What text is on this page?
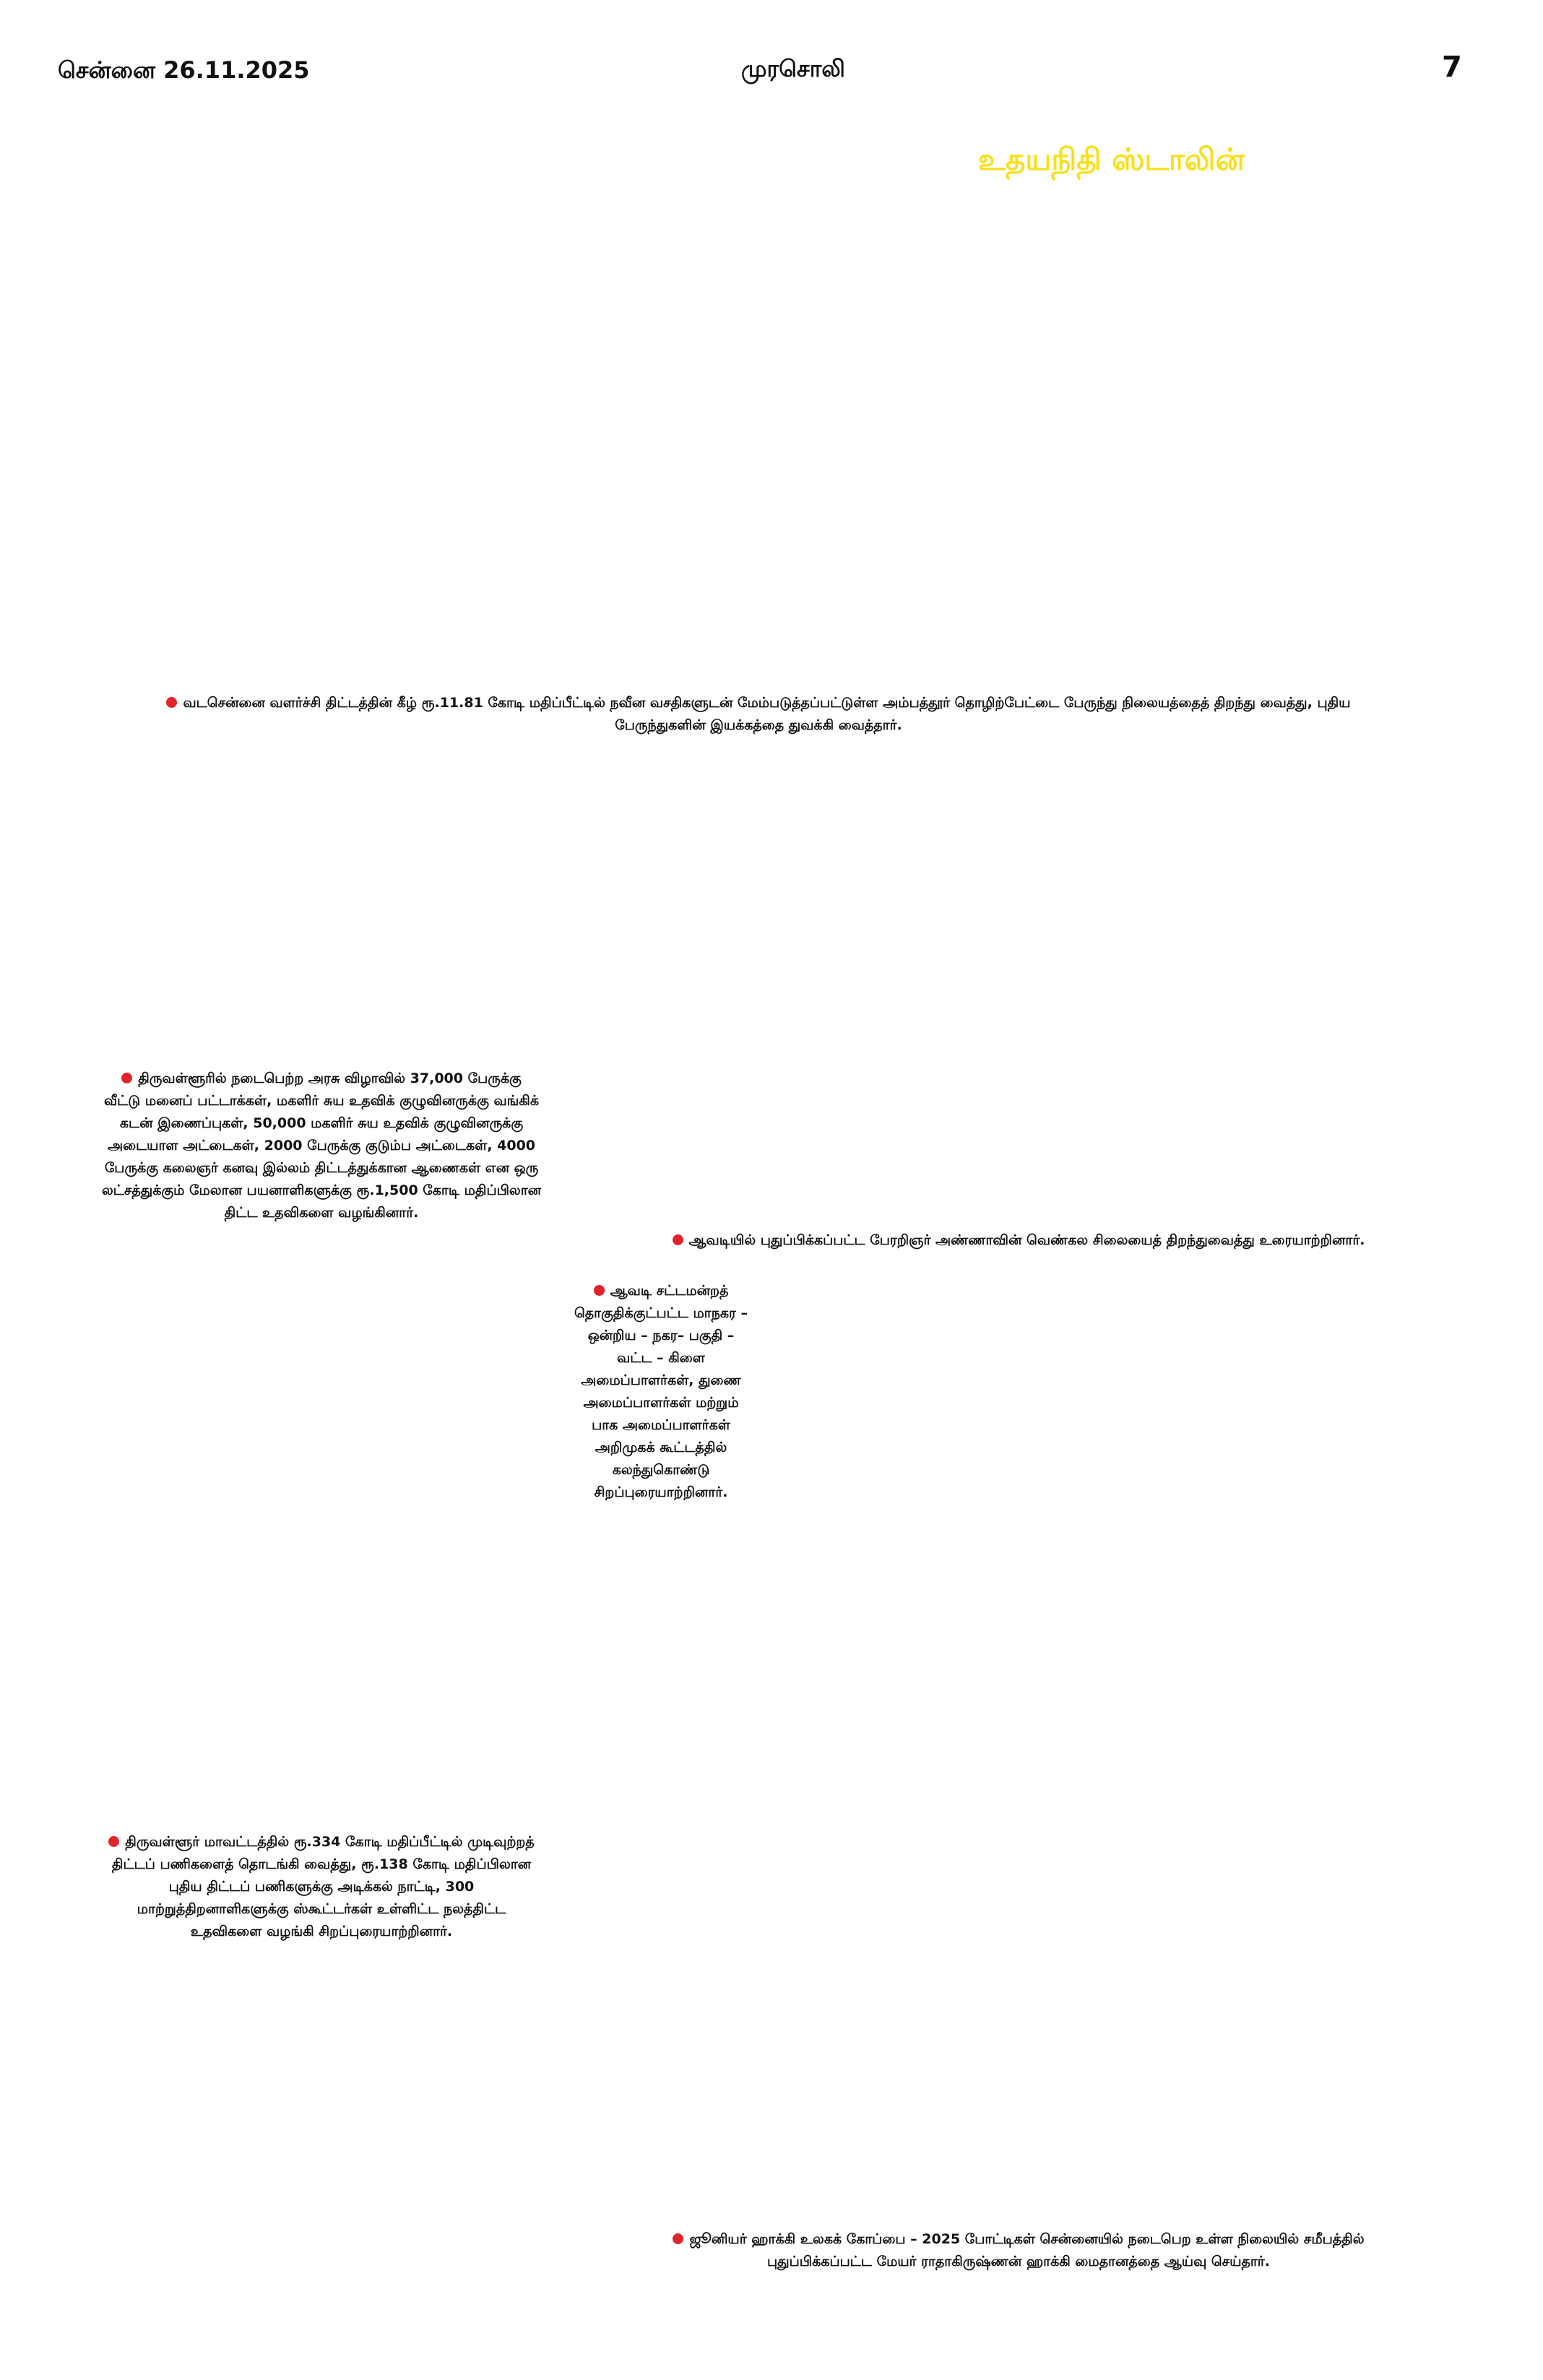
சென்னை 26.11.2025	முரசொலி	7
உதயநிதி ஸ்டாலின்
வடசென்னை வளர்ச்சி திட்டத்தின் கீழ் ரூ.11.81 கோடி மதிப்பீட்டில் நவீன வசதிகளுடன் மேம்படுத்தப்பட்டுள்ள அம்பத்தூர் தொழிற்பேட்டை பேருந்து நிலையத்தைத் திறந்து வைத்து, புதிய பேருந்துகளின் இயக்கத்தை துவக்கி வைத்தார்.
திருவள்ளூரில் நடைபெற்ற அரசு விழாவில் 37,000 பேருக்கு வீட்டு மனைப் பட்டாக்கள், மகளிர் சுய உதவிக் குழுவினருக்கு வங்கிக் கடன் இணைப்புகள், 50,000 மகளிர் சுய உதவிக் குழுவினருக்கு அடையாள அட்டைகள், 2000 பேருக்கு குடும்ப அட்டைகள், 4000 பேருக்கு கலைஞர் கனவு இல்லம் திட்டத்துக்கான ஆணைகள் என ஒரு லட்சத்துக்கும் மேலான பயனாளிகளுக்கு ரூ.1,500 கோடி மதிப்பிலான திட்ட உதவிகளை வழங்கினார்.
ஆவடியில் புதுப்பிக்கப்பட்ட பேரறிஞர் அண்ணாவின் வெண்கல சிலையைத் திறந்துவைத்து உரையாற்றினார்.
ஆவடி சட்டமன்றத் தொகுதிக்குட்பட்ட மாநகர – ஒன்றிய – நகர– பகுதி – வட்ட – கிளை அமைப்பாளர்கள், துணை அமைப்பாளர்கள் மற்றும் பாக அமைப்பாளர்கள் அறிமுகக் கூட்டத்தில் கலந்துகொண்டு சிறப்புரையாற்றினார்.
திருவள்ளூர் மாவட்டத்தில் ரூ.334 கோடி மதிப்பீட்டில் முடிவுற்றத் திட்டப் பணிகளைத் தொடங்கி வைத்து, ரூ.138 கோடி மதிப்பிலான புதிய திட்டப் பணிகளுக்கு அடிக்கல் நாட்டி, 300 மாற்றுத்திறனாளிகளுக்கு ஸ்கூட்டர்கள் உள்ளிட்ட நலத்திட்ட உதவிகளை வழங்கி சிறப்புரையாற்றினார்.
ஜூனியர் ஹாக்கி உலகக் கோப்பை – 2025 போட்டிகள் சென்னையில் நடைபெற உள்ள நிலையில் சமீபத்தில் புதுப்பிக்கப்பட்ட மேயர் ராதாகிருஷ்ணன் ஹாக்கி மைதானத்தை ஆய்வு செய்தார்.
